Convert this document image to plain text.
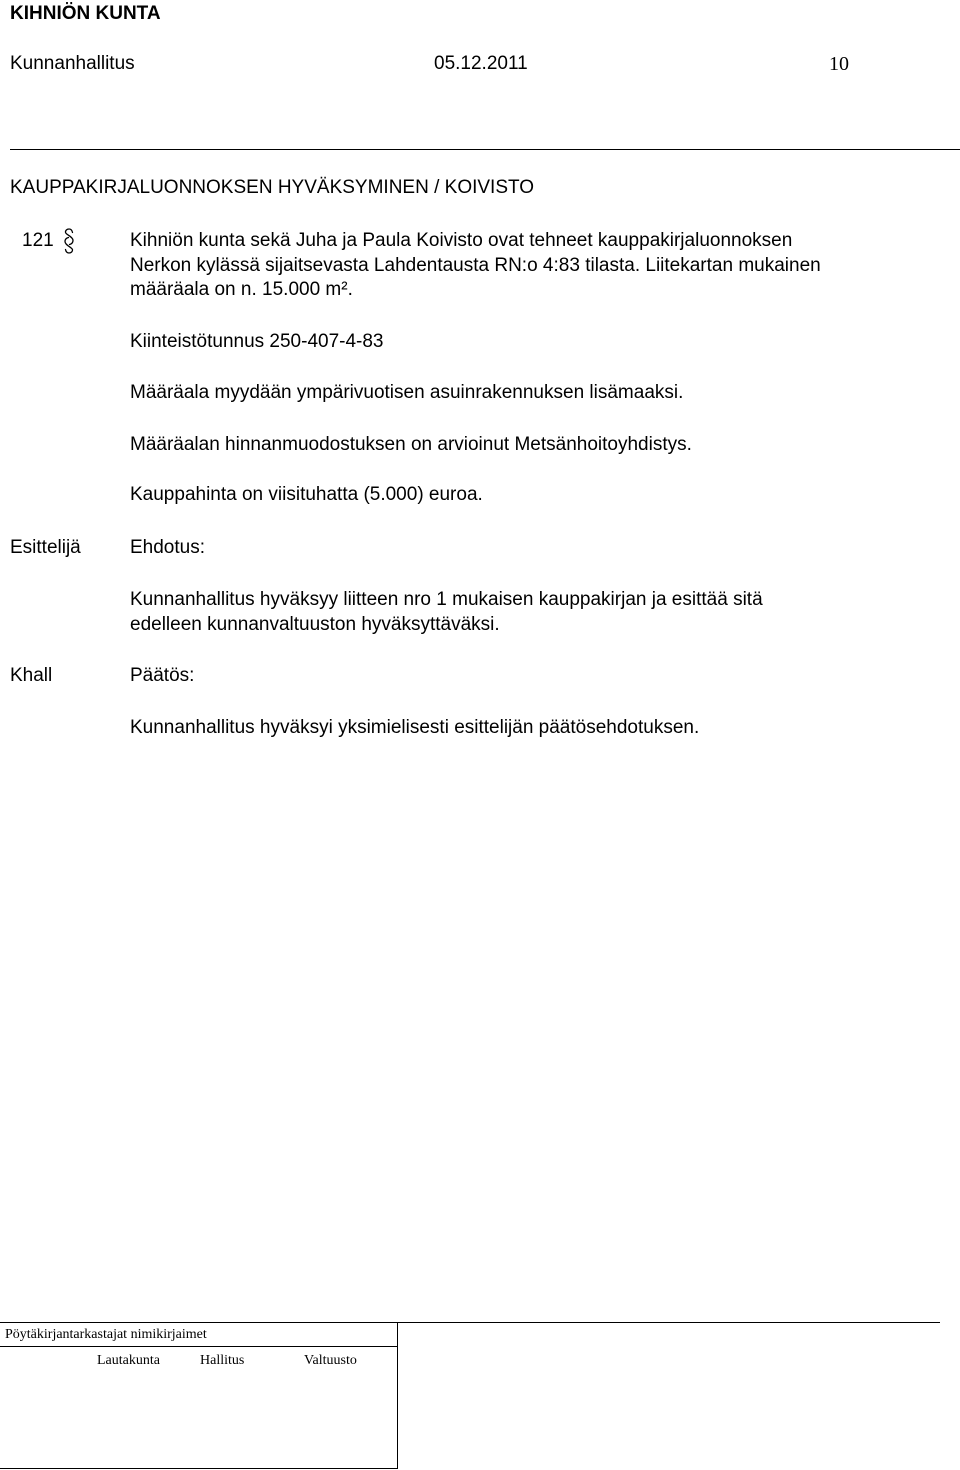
KIHNIÖN KUNTA
Kunnanhallitus	05.12.2011	10
KAUPPAKIRJALUONNOKSEN HYVÄKSYMINEN / KOIVISTO
121	Kihniön kunta sekä Juha ja Paula Koivisto ovat tehneet kauppakirjaluonnoksen
Nerkon kylässä sijaitsevasta Lahdentausta RN:o 4:83 tilasta. Liitekartan mukainen
määräala on n. 15.000 m².
Kiinteistötunnus 250-407-4-83
Määräala myydään ympärivuotisen asuinrakennuksen lisämaaksi.
Määräalan hinnanmuodostuksen on arvioinut Metsänhoitoyhdistys.
Kauppahinta on viisituhatta (5.000) euroa.
Esittelijä	Ehdotus:
Kunnanhallitus hyväksyy liitteen nro 1 mukaisen kauppakirjan ja esittää sitä
edelleen kunnanvaltuuston hyväksyttäväksi.
Khall	Päätös:
Kunnanhallitus hyväksyi yksimielisesti esittelijän päätösehdotuksen.
Pöytäkirjantarkastajat nimikirjaimet
Lautakunta	Hallitus	Valtuusto
